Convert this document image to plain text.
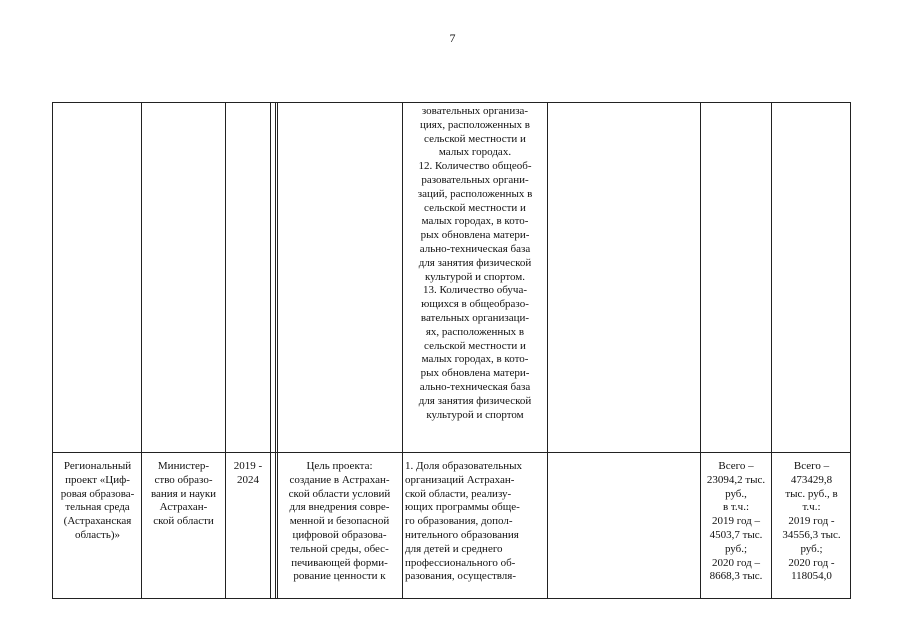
7
зовательных организа-
циях, расположенных в
сельской местности и
малых городах.
12. Количество общеоб-
разовательных органи-
заций, расположенных в
сельской местности и
малых городах, в кото-
рых обновлена матери-
ально-техническая база
для занятия физической
культурой и спортом.
13. Количество обуча-
ющихся в общеобразо-
вательных организаци-
ях, расположенных в
сельской местности и
малых городах, в кото-
рых обновлена матери-
ально-техническая база
для занятия физической
культурой и спортом
Региональный
проект «Циф-
ровая образова-
тельная среда
(Астраханская
область)»
Министер-
ство образо-
вания и науки
Астрахан-
ской области
2019 -
2024
Цель проекта:
создание в Астрахан-
ской области условий
для внедрения совре-
менной и безопасной
цифровой образова-
тельной среды, обес-
печивающей форми-
рование ценности к
1. Доля образовательных
организаций Астрахан-
ской области, реализу-
ющих программы обще-
го образования, допол-
нительного образования
для детей и среднего
профессионального об-
разования, осуществля-
Всего –
23094,2 тыс.
руб.,
в т.ч.:
2019 год –
4503,7 тыс.
руб.;
2020 год –
8668,3 тыс.
Всего –
473429,8
тыс. руб., в
т.ч.:
2019 год -
34556,3 тыс.
руб.;
2020 год -
118054,0
